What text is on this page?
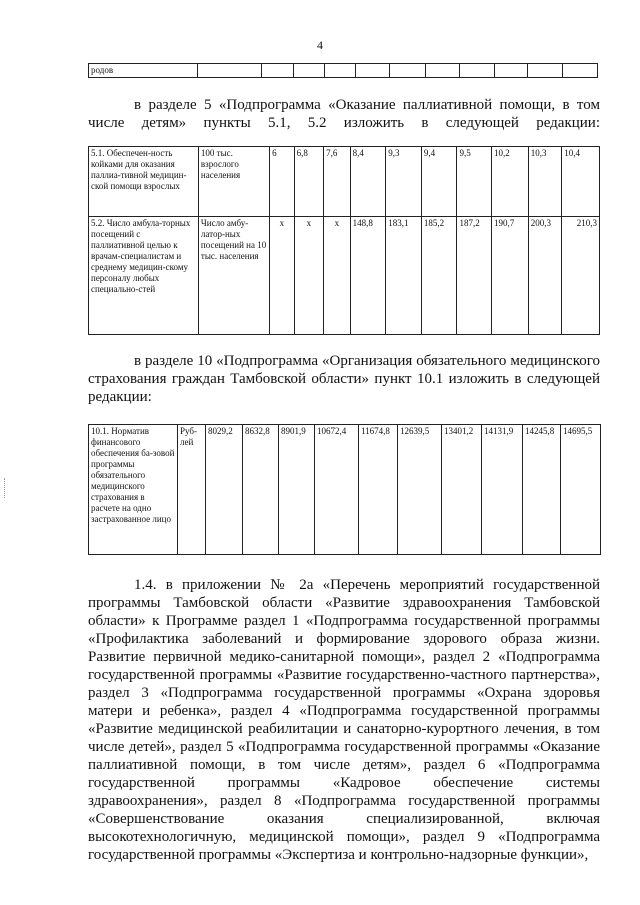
4
родов											
в разделе 5 «Подпрограмма «Оказание паллиативной помощи, в том числе детям» пункты 5.1, 5.2 изложить в следующей редакции:
5.1. Обеспечен-ность койками для оказания паллиа-тивной медицин-ской помощи взрослых	100 тыс. взрослого населения	6	6,8	7,6	8,4	9,3	9,4	9,5	10,2	10,3	10,4
5.2. Число амбула-торных посещений с паллиативной целью к врачам-специалистам и среднему медицин-скому персоналу любых специально-стей	Число амбу-латор-ных посещений на 10 тыс. населения	х	х	х	148,8	183,1	185,2	187,2	190,7	200,3	210,3
в разделе 10 «Подпрограмма «Организация обязательного медицинского страхования граждан Тамбовской области» пункт 10.1 изложить в следующей редакции:
10.1. Норматив финансового обеспечения ба-зовой программы обязательного медицинского страхования в расчете на одно застрахованное лицо	Руб-лей	8029,2	8632,8	8901,9	10672,4	11674,8	12639,5	13401,2	14131,9	14245,8	14695,5
1.4. в приложении № 2а «Перечень мероприятий государственной программы Тамбовской области «Развитие здравоохранения Тамбовской области» к Программе раздел 1 «Подпрограмма государственной программы «Профилактика заболеваний и формирование здорового образа жизни. Развитие первичной медико-санитарной помощи», раздел 2 «Подпрограмма государственной программы «Развитие государственно-частного партнерства», раздел 3 «Подпрограмма государственной программы «Охрана здоровья матери и ребенка», раздел 4 «Подпрограмма государственной программы «Развитие медицинской реабилитации и санаторно-курортного лечения, в том числе детей», раздел 5 «Подпрограмма государственной программы «Оказание паллиативной помощи, в том числе детям», раздел 6 «Подпрограмма государственной программы «Кадровое обеспечение системы здравоохранения», раздел 8 «Подпрограмма государственной программы «Совершенствование оказания специализированной, включая высокотехнологичную, медицинской помощи», раздел 9 «Подпрограмма государственной программы «Экспертиза и контрольно-надзорные функции»,
